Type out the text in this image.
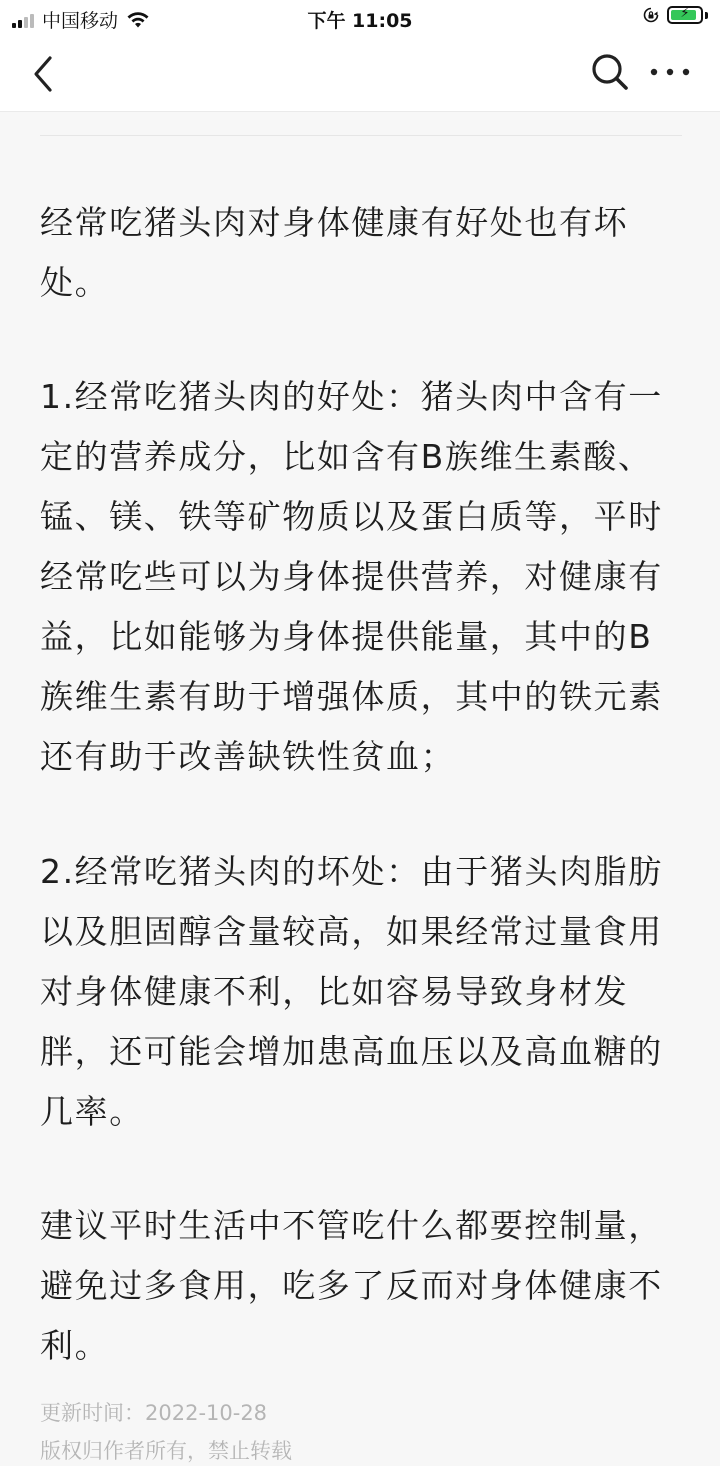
中国移动	下午 11:05	⚡

经常吃猪头肉对身体健康有好处也有坏处。

1.经常吃猪头肉的好处：猪头肉中含有一定的营养成分，比如含有B族维生素酸、锰、镁、铁等矿物质以及蛋白质等，平时经常吃些可以为身体提供营养，对健康有益，比如能够为身体提供能量，其中的B族维生素有助于增强体质，其中的铁元素还有助于改善缺铁性贫血；

2.经常吃猪头肉的坏处：由于猪头肉脂肪以及胆固醇含量较高，如果经常过量食用对身体健康不利，比如容易导致身材发胖，还可能会增加患高血压以及高血糖的几率。

建议平时生活中不管吃什么都要控制量，避免过多食用，吃多了反而对身体健康不利。

更新时间：2022-10-28
版权归作者所有，禁止转载
